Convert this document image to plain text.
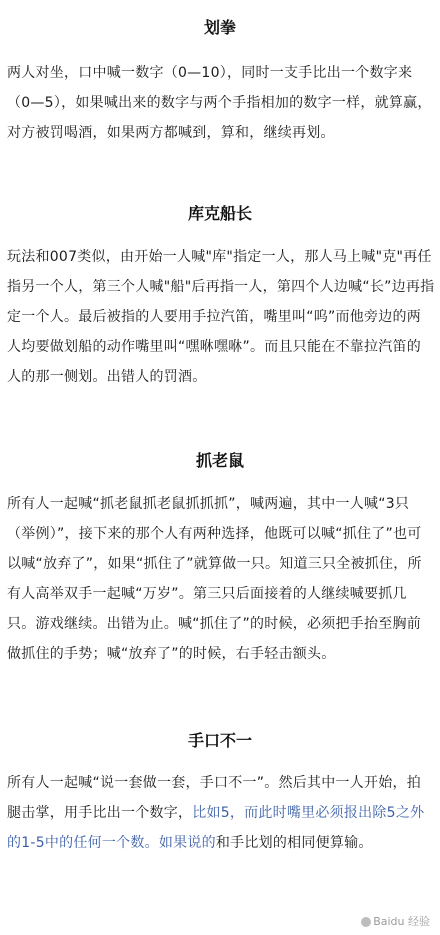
划拳
两人对坐，口中喊一数字（0—10），同时一支手比出一个数字来（0—5），如果喊出来的数字与两个手指相加的数字一样，就算赢，对方被罚喝酒，如果两方都喊到，算和，继续再划。
库克船长
玩法和007类似，由开始一人喊"库"指定一人，那人马上喊"克"再任指另一个人，第三个人喊"船"后再指一人，第四个人边喊“长”边再指定一个人。最后被指的人要用手拉汽笛，嘴里叫“呜”而他旁边的两人均要做划船的动作嘴里叫“嘿咻嘿咻”。而且只能在不靠拉汽笛的人的那一侧划。出错人的罚酒。
抓老鼠
所有人一起喊“抓老鼠抓老鼠抓抓抓”，喊两遍，其中一人喊“3只（举例）”，接下来的那个人有两种选择，他既可以喊“抓住了”也可以喊“放弃了”，如果“抓住了”就算做一只。知道三只全被抓住，所有人高举双手一起喊“万岁”。第三只后面接着的人继续喊要抓几只。游戏继续。出错为止。喊“抓住了”的时候，必须把手抬至胸前做抓住的手势；喊“放弃了”的时候，右手轻击额头。
手口不一
所有人一起喊“说一套做一套，手口不一”。然后其中一人开始，拍腿击掌，用手比出一个数字，比如5，而此时嘴里必须报出除5之外的1-5中的任何一个数。如果说的和手比划的相同便算输。
Baidu 经验
